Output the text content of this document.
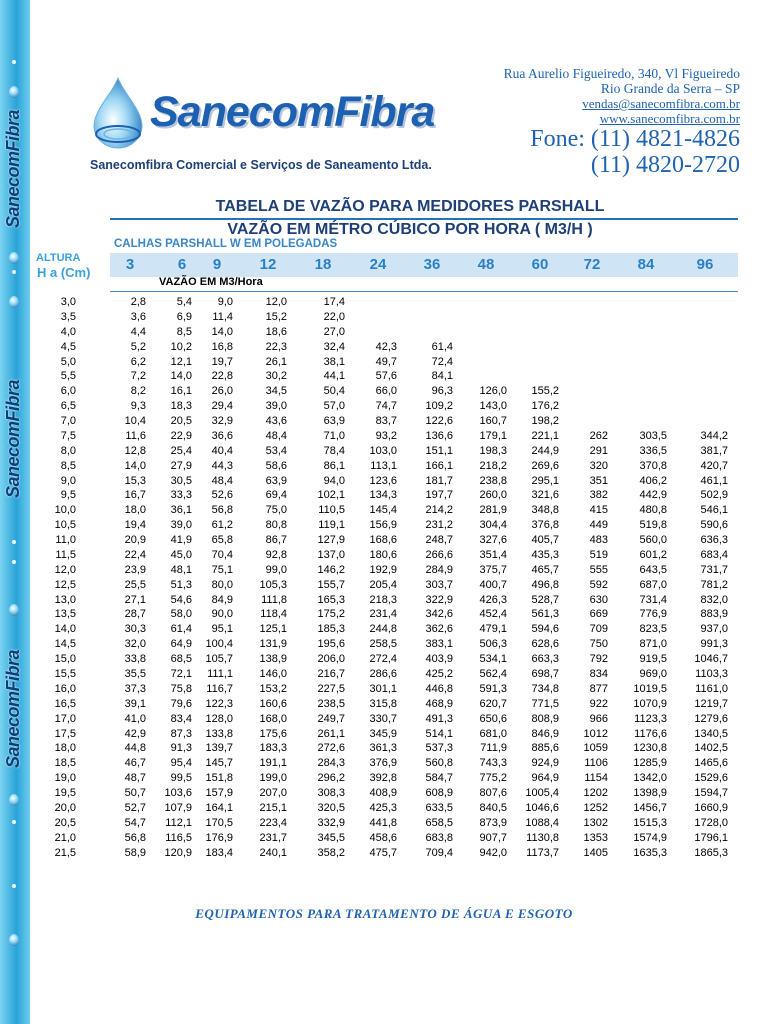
SanecomFibra
SanecomFibra
SanecomFibra
SanecomFibra
Sanecomfibra Comercial e Serviços de Saneamento Ltda.
Rua Aurelio Figueiredo, 340, Vl Figueiredo
Rio Grande da Serra – SP
vendas@sanecomfibra.com.br
www.sanecomfibra.com.br
Fone: (11) 4821-4826
(11) 4820-2720
TABELA DE VAZÃO PARA MEDIDORES PARSHALL
VAZÃO EM MÉTRO CÚBICO POR HORA ( M3/H )
CALHAS PARSHALL W EM POLEGADAS
ALTURA
H a (Cm)	3	6	9	12	18	24	36	48	60	72	84	96
VAZÃO EM M3/Hora
3,0	2,8	5,4	9,0	12,0	17,4
3,5	3,6	6,9	11,4	15,2	22,0
4,0	4,4	8,5	14,0	18,6	27,0
4,5	5,2	10,2	16,8	22,3	32,4	42,3	61,4
5,0	6,2	12,1	19,7	26,1	38,1	49,7	72,4
5,5	7,2	14,0	22,8	30,2	44,1	57,6	84,1
6,0	8,2	16,1	26,0	34,5	50,4	66,0	96,3	126,0	155,2
6,5	9,3	18,3	29,4	39,0	57,0	74,7	109,2	143,0	176,2
7,0	10,4	20,5	32,9	43,6	63,9	83,7	122,6	160,7	198,2
7,5	11,6	22,9	36,6	48,4	71,0	93,2	136,6	179,1	221,1	262	303,5	344,2
8,0	12,8	25,4	40,4	53,4	78,4	103,0	151,1	198,3	244,9	291	336,5	381,7
8,5	14,0	27,9	44,3	58,6	86,1	113,1	166,1	218,2	269,6	320	370,8	420,7
9,0	15,3	30,5	48,4	63,9	94,0	123,6	181,7	238,8	295,1	351	406,2	461,1
9,5	16,7	33,3	52,6	69,4	102,1	134,3	197,7	260,0	321,6	382	442,9	502,9
10,0	18,0	36,1	56,8	75,0	110,5	145,4	214,2	281,9	348,8	415	480,8	546,1
10,5	19,4	39,0	61,2	80,8	119,1	156,9	231,2	304,4	376,8	449	519,8	590,6
11,0	20,9	41,9	65,8	86,7	127,9	168,6	248,7	327,6	405,7	483	560,0	636,3
11,5	22,4	45,0	70,4	92,8	137,0	180,6	266,6	351,4	435,3	519	601,2	683,4
12,0	23,9	48,1	75,1	99,0	146,2	192,9	284,9	375,7	465,7	555	643,5	731,7
12,5	25,5	51,3	80,0	105,3	155,7	205,4	303,7	400,7	496,8	592	687,0	781,2
13,0	27,1	54,6	84,9	111,8	165,3	218,3	322,9	426,3	528,7	630	731,4	832,0
13,5	28,7	58,0	90,0	118,4	175,2	231,4	342,6	452,4	561,3	669	776,9	883,9
14,0	30,3	61,4	95,1	125,1	185,3	244,8	362,6	479,1	594,6	709	823,5	937,0
14,5	32,0	64,9	100,4	131,9	195,6	258,5	383,1	506,3	628,6	750	871,0	991,3
15,0	33,8	68,5	105,7	138,9	206,0	272,4	403,9	534,1	663,3	792	919,5	1046,7
15,5	35,5	72,1	111,1	146,0	216,7	286,6	425,2	562,4	698,7	834	969,0	1103,3
16,0	37,3	75,8	116,7	153,2	227,5	301,1	446,8	591,3	734,8	877	1019,5	1161,0
16,5	39,1	79,6	122,3	160,6	238,5	315,8	468,9	620,7	771,5	922	1070,9	1219,7
17,0	41,0	83,4	128,0	168,0	249,7	330,7	491,3	650,6	808,9	966	1123,3	1279,6
17,5	42,9	87,3	133,8	175,6	261,1	345,9	514,1	681,0	846,9	1012	1176,6	1340,5
18,0	44,8	91,3	139,7	183,3	272,6	361,3	537,3	711,9	885,6	1059	1230,8	1402,5
18,5	46,7	95,4	145,7	191,1	284,3	376,9	560,8	743,3	924,9	1106	1285,9	1465,6
19,0	48,7	99,5	151,8	199,0	296,2	392,8	584,7	775,2	964,9	1154	1342,0	1529,6
19,5	50,7	103,6	157,9	207,0	308,3	408,9	608,9	807,6	1005,4	1202	1398,9	1594,7
20,0	52,7	107,9	164,1	215,1	320,5	425,3	633,5	840,5	1046,6	1252	1456,7	1660,9
20,5	54,7	112,1	170,5	223,4	332,9	441,8	658,5	873,9	1088,4	1302	1515,3	1728,0
21,0	56,8	116,5	176,9	231,7	345,5	458,6	683,8	907,7	1130,8	1353	1574,9	1796,1
21,5	58,9	120,9	183,4	240,1	358,2	475,7	709,4	942,0	1173,7	1405	1635,3	1865,3
EQUIPAMENTOS PARA TRATAMENTO DE ÁGUA E ESGOTO
